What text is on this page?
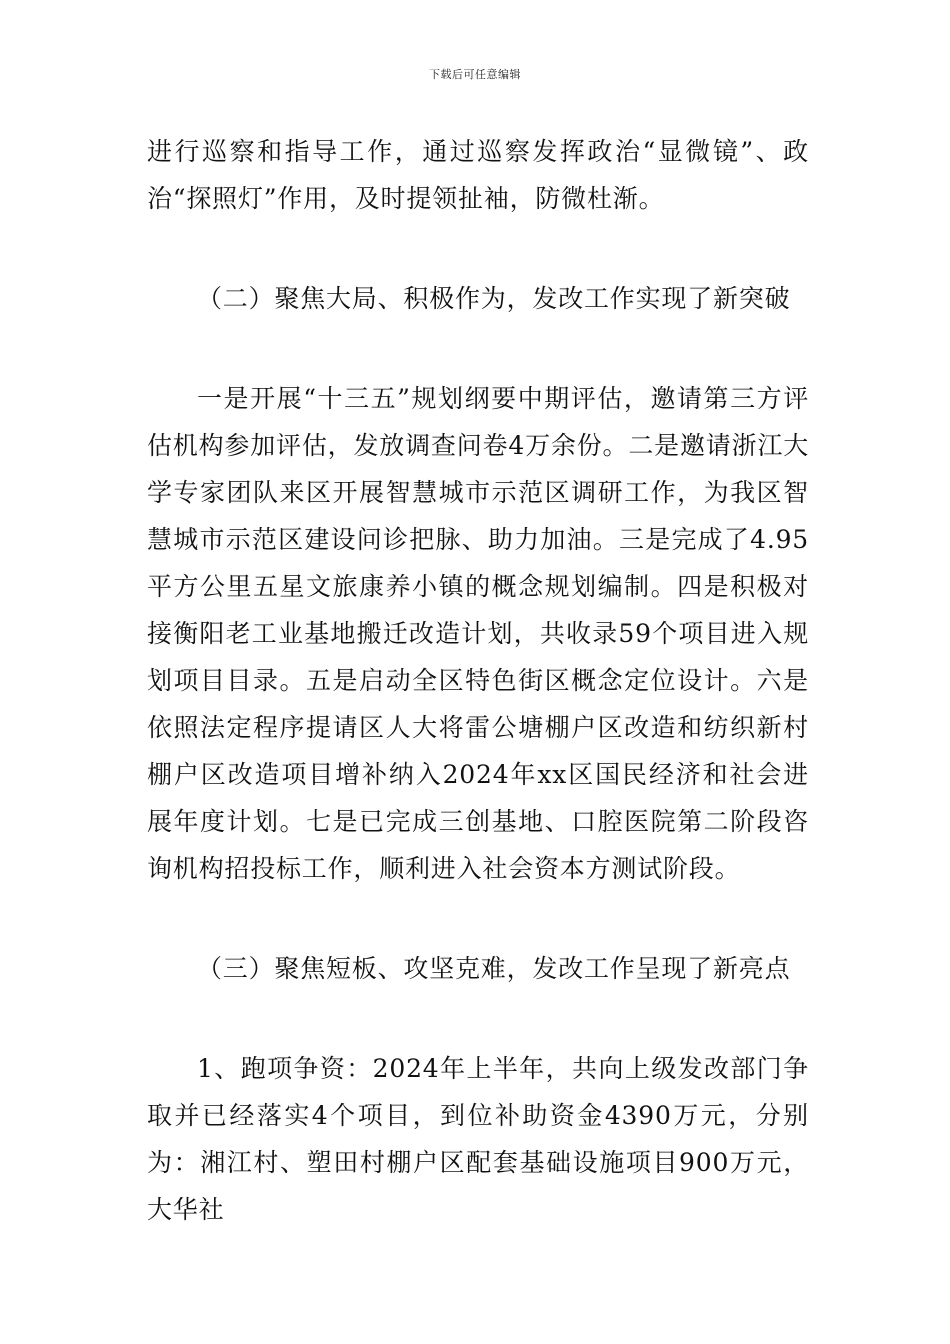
下载后可任意编辑

进行巡察和指导工作，通过巡察发挥政治“显微镜”、政治“探照灯”作用，及时提领扯袖，防微杜渐。

（二）聚焦大局、积极作为，发改工作实现了新突破

一是开展“十三五”规划纲要中期评估，邀请第三方评估机构参加评估，发放调查问卷4万余份。二是邀请浙江大学专家团队来区开展智慧城市示范区调研工作，为我区智慧城市示范区建设问诊把脉、助力加油。三是完成了4.95平方公里五星文旅康养小镇的概念规划编制。四是积极对接衡阳老工业基地搬迁改造计划，共收录59个项目进入规划项目目录。五是启动全区特色街区概念定位设计。六是依照法定程序提请区人大将雷公塘棚户区改造和纺织新村棚户区改造项目增补纳入2024年xx区国民经济和社会进展年度计划。七是已完成三创基地、口腔医院第二阶段咨询机构招投标工作，顺利进入社会资本方测试阶段。

（三）聚焦短板、攻坚克难，发改工作呈现了新亮点

1、跑项争资：2024年上半年，共向上级发改部门争取并已经落实4个项目，到位补助资金4390万元，分别为：湘江村、塑田村棚户区配套基础设施项目900万元，大华社
